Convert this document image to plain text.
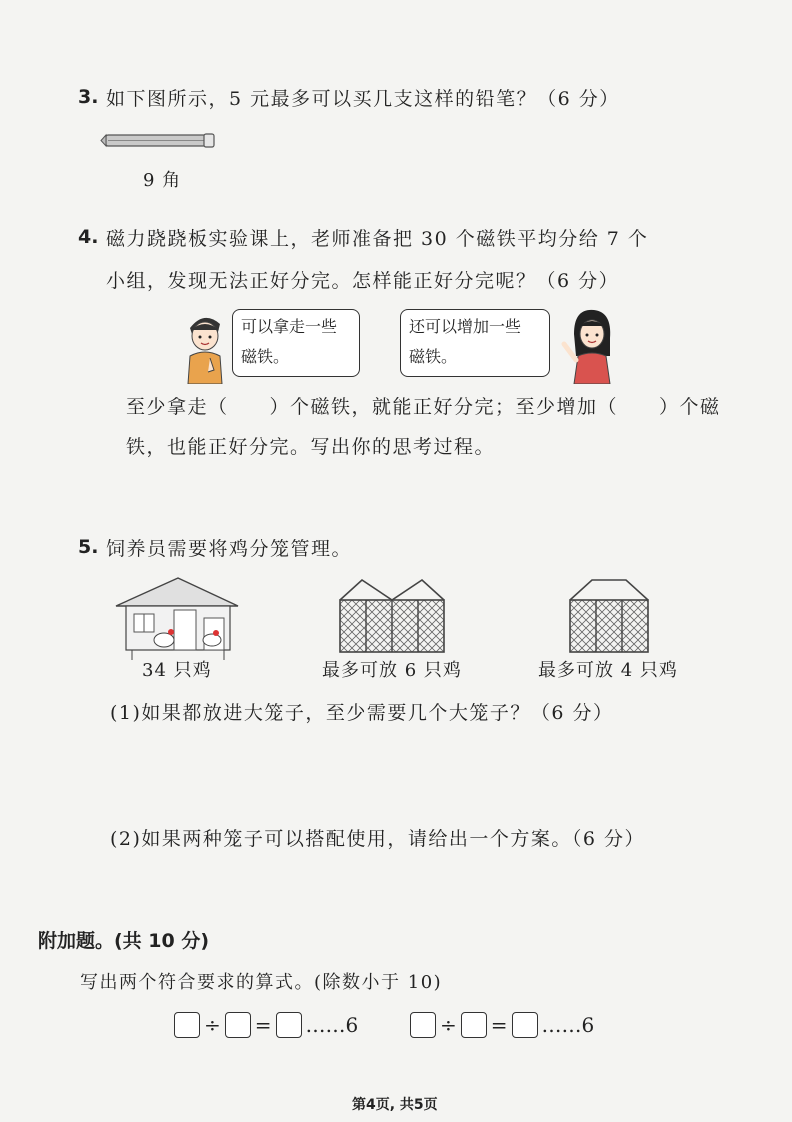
3. 如下图所示，5 元最多可以买几支这样的铅笔？（6 分）
9 角
4. 磁力跷跷板实验课上，老师准备把 30 个磁铁平均分给 7 个
小组，发现无法正好分完。怎样能正好分完呢？（6 分）
可以拿走一些
磁铁。
还可以增加一些
磁铁。
至少拿走（　　）个磁铁，就能正好分完；至少增加（　　）个磁
铁，也能正好分完。写出你的思考过程。
5. 饲养员需要将鸡分笼管理。
34 只鸡	最多可放 6 只鸡	最多可放 4 只鸡
(1)如果都放进大笼子，至少需要几个大笼子？（6 分）
(2)如果两种笼子可以搭配使用，请给出一个方案。（6 分）
附加题。(共 10 分)
写出两个符合要求的算式。(除数小于 10)
÷ = ……6	÷ = ……6
第4页, 共5页
